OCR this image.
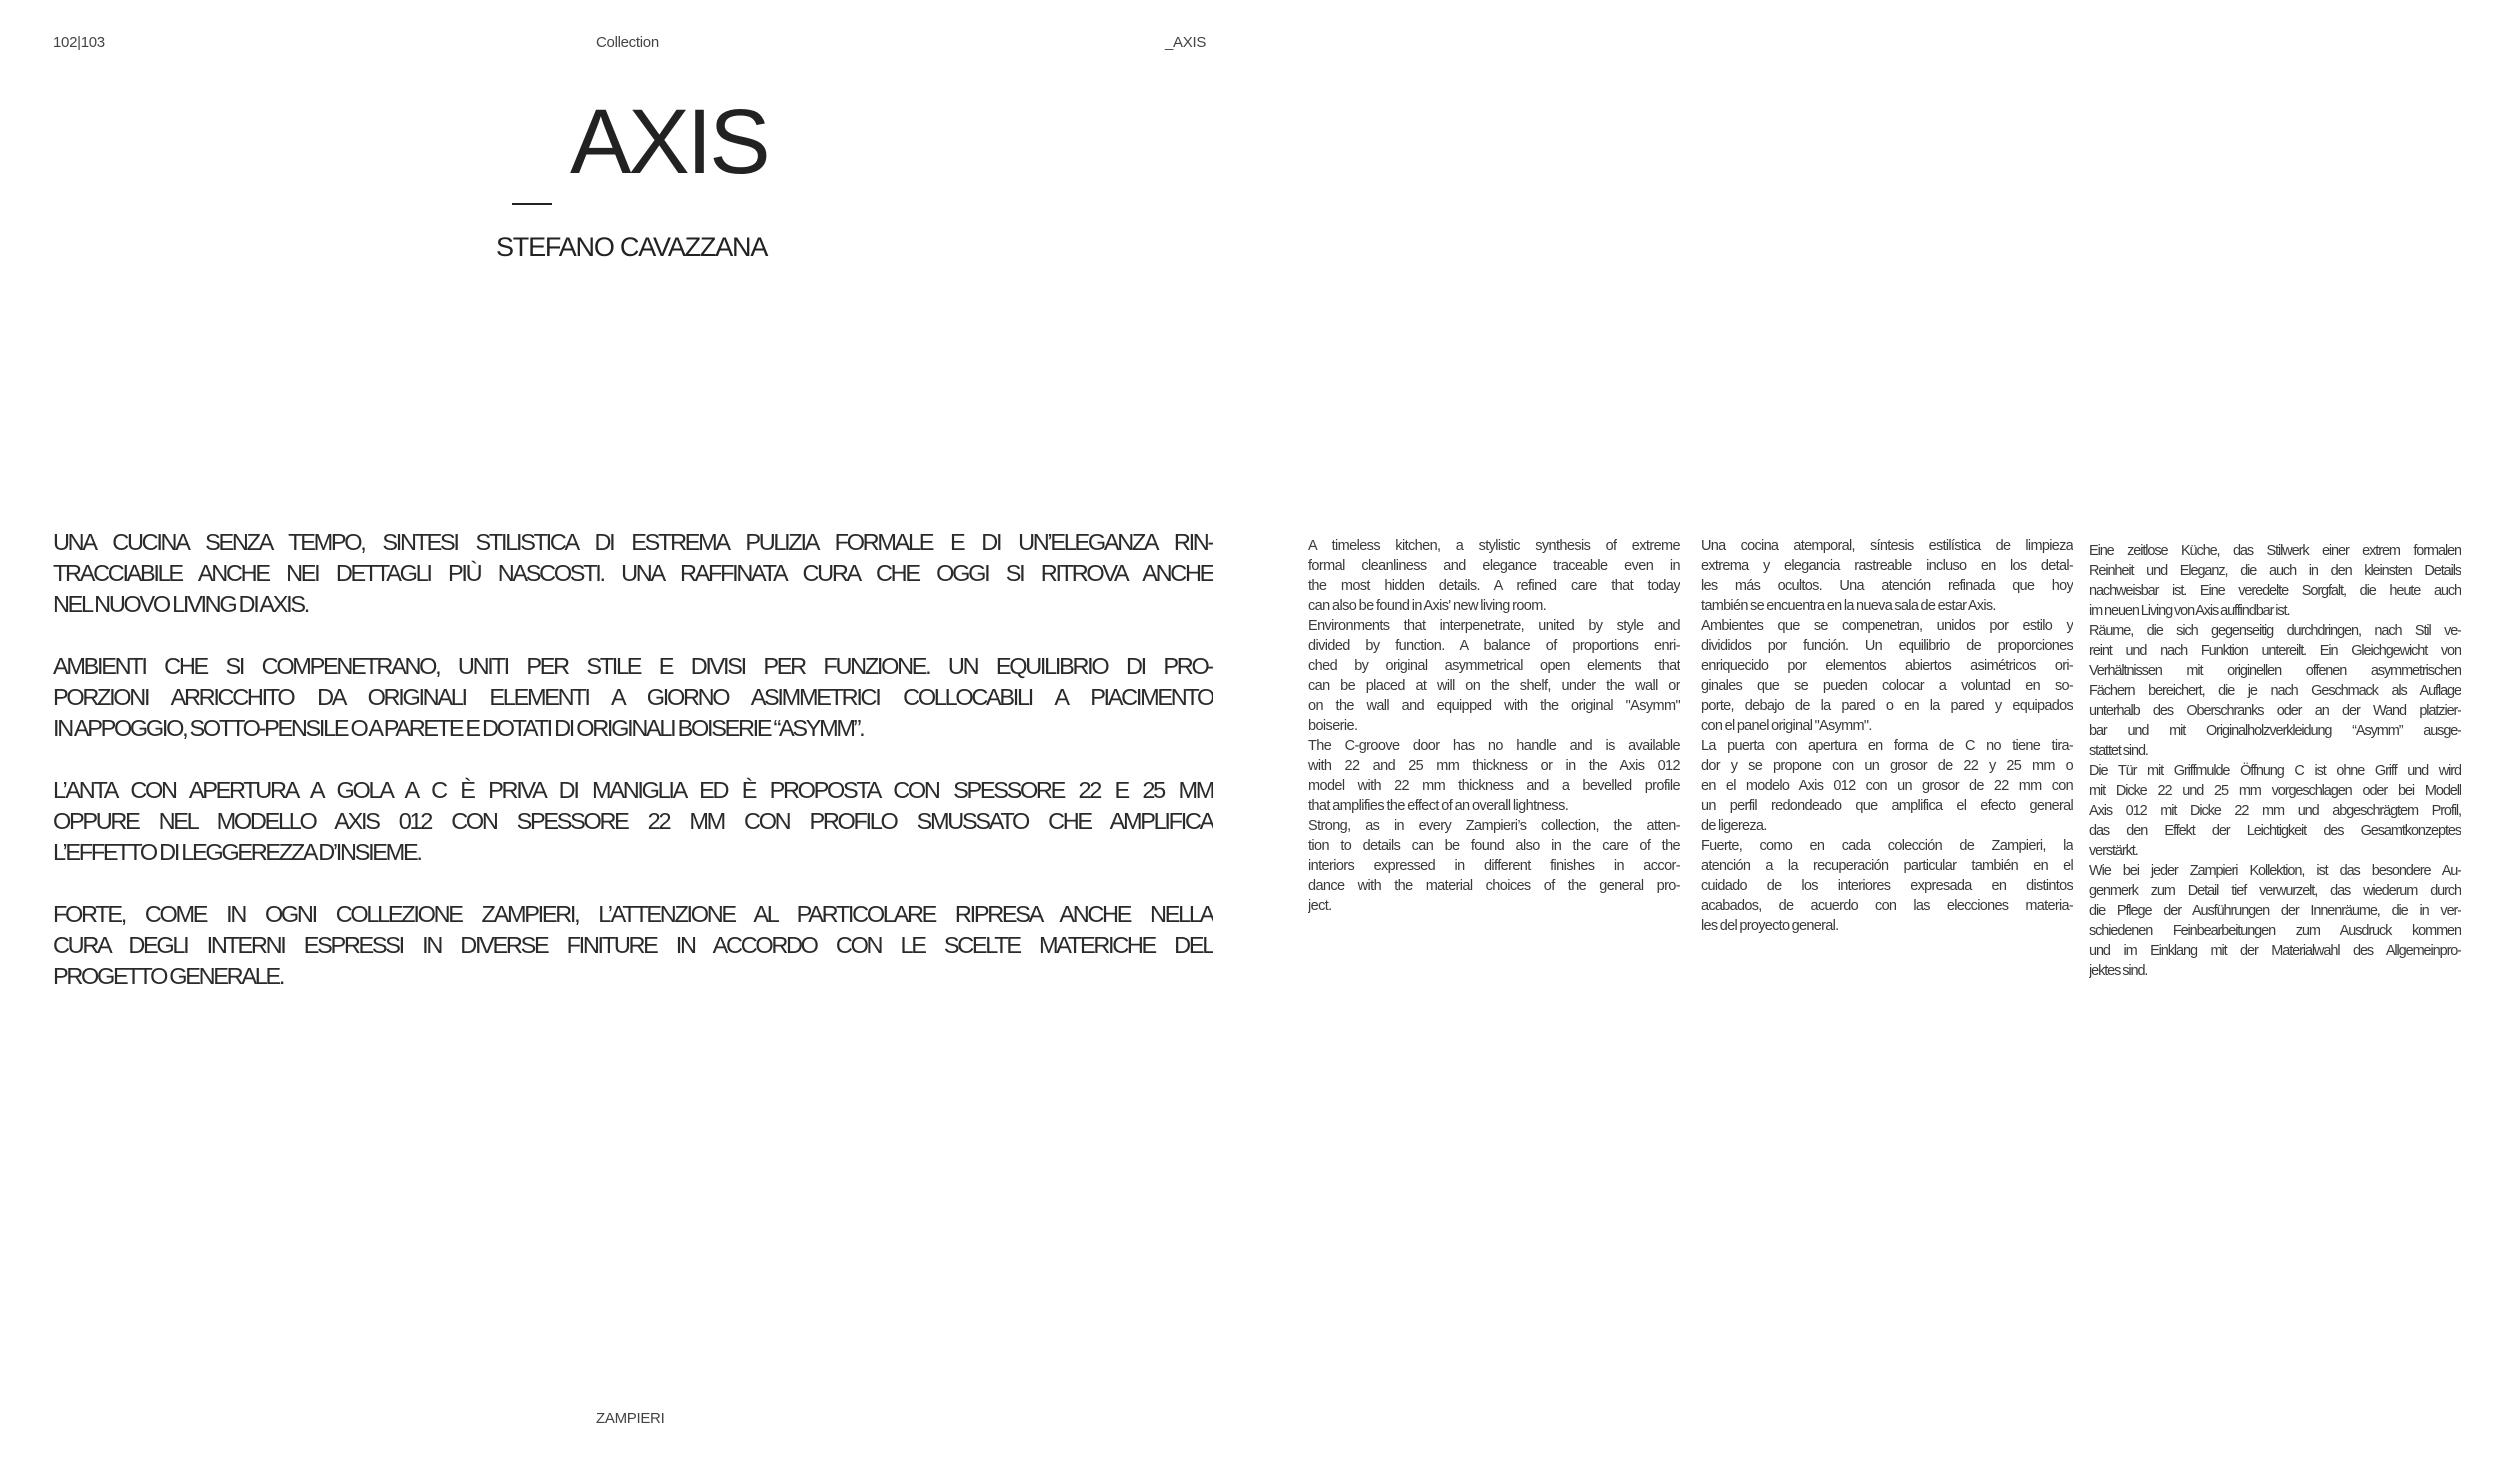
102|103	Collection	_AXIS
AXIS
STEFANO CAVAZZANA
UNA CUCINA SENZA TEMPO, SINTESI STILISTICA DI ESTREMA PULIZIA FORMALE E DI UN’ELEGANZA RIN-
TRACCIABILE ANCHE NEI DETTAGLI PIÙ NASCOSTI. UNA RAFFINATA CURA CHE OGGI SI RITROVA ANCHE
NEL NUOVO LIVING DI AXIS.
AMBIENTI CHE SI COMPENETRANO, UNITI PER STILE E DIVISI PER FUNZIONE. UN EQUILIBRIO DI PRO-
PORZIONI ARRICCHITO DA ORIGINALI ELEMENTI A GIORNO ASIMMETRICI COLLOCABILI A PIACIMENTO
IN APPOGGIO, SOTTO-PENSILE O A PARETE E DOTATI DI ORIGINALI BOISERIE “ASYMM”.
L’ANTA CON APERTURA A GOLA A C È PRIVA DI MANIGLIA ED È PROPOSTA CON SPESSORE 22 E 25 MM
OPPURE NEL MODELLO AXIS 012 CON SPESSORE 22 MM CON PROFILO SMUSSATO CHE AMPLIFICA
L’EFFETTO DI LEGGEREZZA D’INSIEME.
FORTE, COME IN OGNI COLLEZIONE ZAMPIERI, L’ATTENZIONE AL PARTICOLARE RIPRESA ANCHE NELLA
CURA DEGLI INTERNI ESPRESSI IN DIVERSE FINITURE IN ACCORDO CON LE SCELTE MATERICHE DEL
PROGETTO GENERALE.
A timeless kitchen, a stylistic synthesis of extreme
formal cleanliness and elegance traceable even in
the most hidden details. A refined care that today
can also be found in Axis' new living room.
Environments that interpenetrate, united by style and
divided by function. A balance of proportions enri-
ched by original asymmetrical open elements that
can be placed at will on the shelf, under the wall or
on the wall and equipped with the original "Asymm"
boiserie.
The C-groove door has no handle and is available
with 22 and 25 mm thickness or in the Axis 012
model with 22 mm thickness and a bevelled profile
that amplifies the effect of an overall lightness.
Strong, as in every Zampieri’s collection, the atten-
tion to details can be found also in the care of the
interiors expressed in different finishes in accor-
dance with the material choices of the general pro-
ject.
Una cocina atemporal, síntesis estilística de limpieza
extrema y elegancia rastreable incluso en los detal-
les más ocultos. Una atención refinada que hoy
también se encuentra en la nueva sala de estar Axis.
Ambientes que se compenetran, unidos por estilo y
divididos por función. Un equilibrio de proporciones
enriquecido por elementos abiertos asimétricos ori-
ginales que se pueden colocar a voluntad en so-
porte, debajo de la pared o en la pared y equipados
con el panel original "Asymm".
La puerta con apertura en forma de C no tiene tira-
dor y se propone con un grosor de 22 y 25 mm o
en el modelo Axis 012 con un grosor de 22 mm con
un perfil redondeado que amplifica el efecto general
de ligereza.
Fuerte, como en cada colección de Zampieri, la
atención a la recuperación particular también en el
cuidado de los interiores expresada en distintos
acabados, de acuerdo con las elecciones materia-
les del proyecto general.
Eine zeitlose Küche, das Stilwerk einer extrem formalen
Reinheit und Eleganz, die auch in den kleinsten Details
nachweisbar ist. Eine veredelte Sorgfalt, die heute auch
im neuen Living von Axis auffindbar ist.
Räume, die sich gegenseitig durchdringen, nach Stil ve-
reint und nach Funktion untereilt. Ein Gleichgewicht von
Verhältnissen mit originellen offenen asymmetrischen
Fächern bereichert, die je nach Geschmack als Auflage
unterhalb des Oberschranks oder an der Wand platzier-
bar und mit Originalholzverkleidung “Asymm” ausge-
stattet sind.
Die Tür mit Griffmulde Öffnung C ist ohne Griff und wird
mit Dicke 22 und 25 mm vorgeschlagen oder bei Modell
Axis 012 mit Dicke 22 mm und abgeschrägtem Profil,
das den Effekt der Leichtigkeit des Gesamtkonzeptes
verstärkt.
Wie bei jeder Zampieri Kollektion, ist das besondere Au-
genmerk zum Detail tief verwurzelt, das wiederum durch
die Pflege der Ausführungen der Innenräume, die in ver-
schiedenen Feinbearbeitungen zum Ausdruck kommen
und im Einklang mit der Materialwahl des Allgemeinpro-
jektes sind.
ZAMPIERI
